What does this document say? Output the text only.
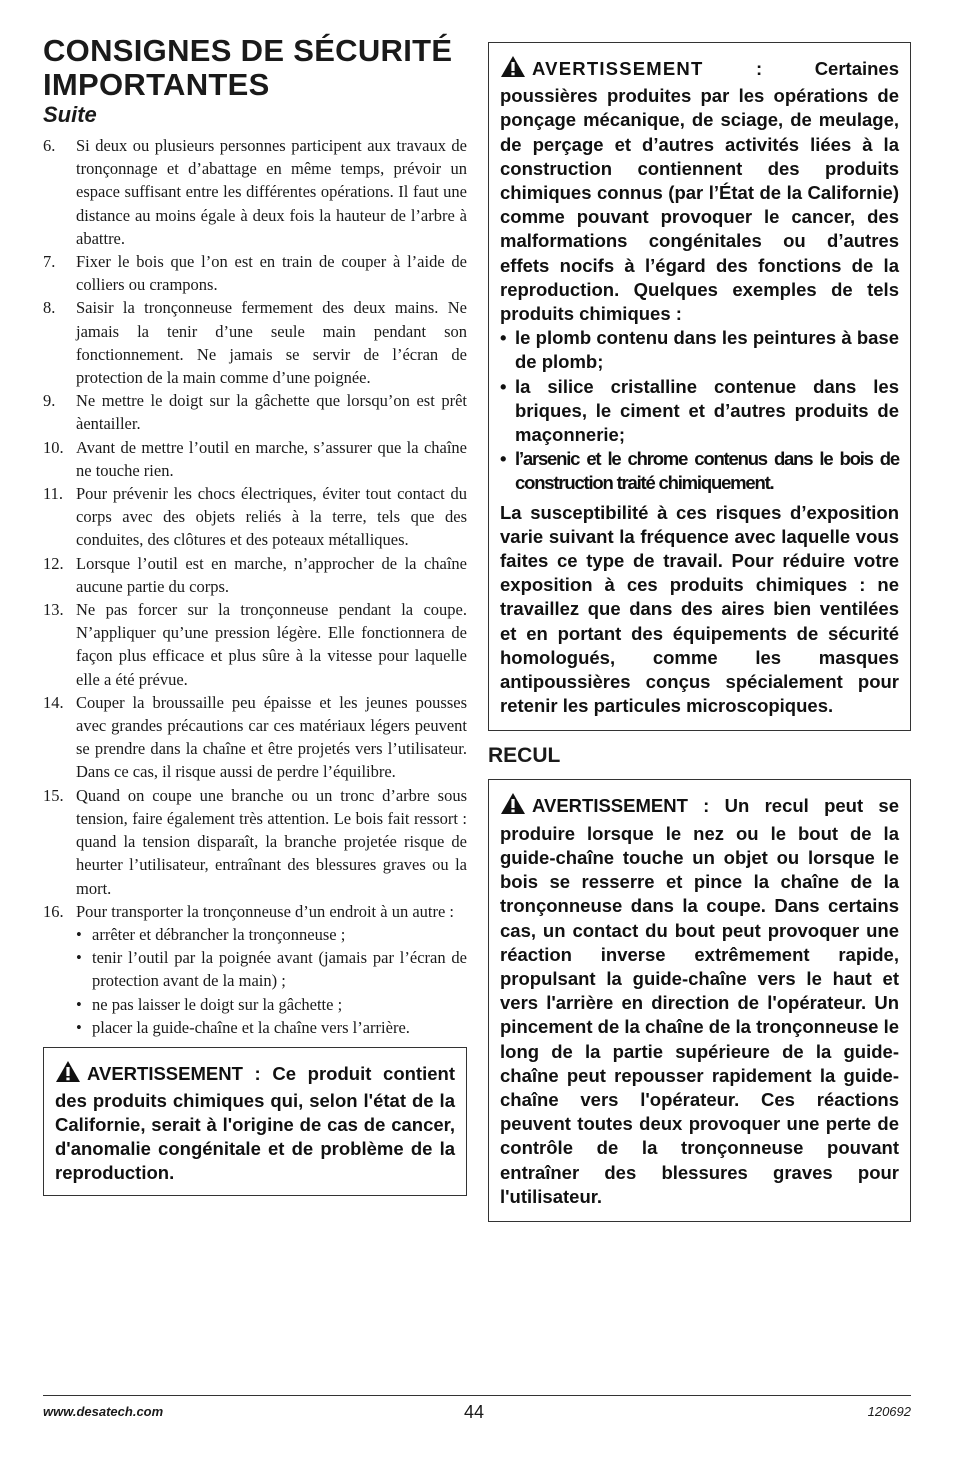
CONSIGNES DE SÉCURITÉ
IMPORTANTES
Suite
6. Si deux ou plusieurs personnes participent aux travaux de tronçonnage et d’abattage en même temps, prévoir un espace suffisant entre les différentes opérations. Il faut une distance au moins égale à deux fois la hauteur de l’arbre à abattre.
7. Fixer le bois que l’on est en train de couper à l’aide de colliers ou crampons.
8. Saisir la tronçonneuse fermement des deux mains. Ne jamais la tenir d’une seule main pendant son fonctionnement. Ne jamais se servir de l’écran de protection de la main comme d’une poignée.
9. Ne mettre le doigt sur la gâchette que lorsqu’on est prêt àentailler.
10. Avant de mettre l’outil en marche, s’assurer que la chaîne ne touche rien.
11. Pour prévenir les chocs électriques, éviter tout contact du corps avec des objets reliés à la terre, tels que des conduites, des clôtures et des poteaux métalliques.
12. Lorsque l’outil est en marche, n’approcher de la chaîne aucune partie du corps.
13. Ne pas forcer sur la tronçonneuse pendant la coupe. N’appliquer qu’une pression légère. Elle fonctionnera de façon plus efficace et plus sûre à la vitesse pour laquelle elle a été prévue.
14. Couper la broussaille peu épaisse et les jeunes pousses avec grandes précautions car ces matériaux légers peuvent se prendre dans la chaîne et être projetés vers l’utilisateur. Dans ce cas, il risque aussi de perdre l’équilibre.
15. Quand on coupe une branche ou un tronc d’arbre sous tension, faire également très attention. Le bois fait ressort : quand la tension disparaît, la branche projetée risque de heurter l’utilisateur, entraînant des blessures graves ou la mort.
16. Pour transporter la tronçonneuse d’un endroit à un autre :
• arrêter et débrancher la tronçonneuse ;
• tenir l’outil par la poignée avant (jamais par l’écran de protection avant de la main) ;
• ne pas laisser le doigt sur la gâchette ;
• placer la guide-chaîne et la chaîne vers l’arrière.

AVERTISSEMENT : Ce produit contient des produits chimiques qui, selon l'état de la Californie, serait à l'origine de cas de cancer, d'anomalie congénitale et de problème de la reproduction.

AVERTISSEMENT :	Certaines poussières produites par les opérations de ponçage mécanique, de sciage, de meulage, de perçage et d’autres activités liées à la construction contiennent des produits chimiques connus (par l’État de la Californie) comme pouvant provoquer le cancer, des malformations congénitales ou d’autres effets nocifs à l’égard des fonctions de la reproduction. Quelques exemples de tels produits chimiques :

• le plomb contenu dans les peintures à base de plomb;
• la silice cristalline contenue dans les briques, le ciment et d’autres produits de maçonnerie;
• l’arsenic et le chrome contenus dans le bois de construction traité chimiquement.

La susceptibilité à ces risques d’exposition varie suivant la fréquence avec laquelle vous faites ce type de travail. Pour réduire votre exposition à ces produits chimiques : ne travaillez que dans des aires bien ventilées et en portant des équipements de sécurité homologués, comme les masques antipoussières conçus spécialement pour retenir les particules microscopiques.

RECUL

AVERTISSEMENT : Un recul peut se produire lorsque le nez ou le bout de la guide-chaîne touche un objet ou lorsque le bois se resserre et pince la chaîne de la tronçonneuse dans la coupe. Dans certains cas, un contact du bout peut provoquer une réaction inverse extrêmement rapide, propulsant la guide-chaîne vers le haut et vers l'arrière en direction de l'opérateur. Un pincement de la chaîne de la tronçonneuse le long de la partie supérieure de la guide-chaîne peut repousser rapidement la guide-chaîne vers l'opérateur. Ces réactions peuvent toutes deux provoquer une perte de contrôle de la tronçonneuse pouvant entraîner des blessures graves pour l'utilisateur.

www.desatech.com	44	120692
